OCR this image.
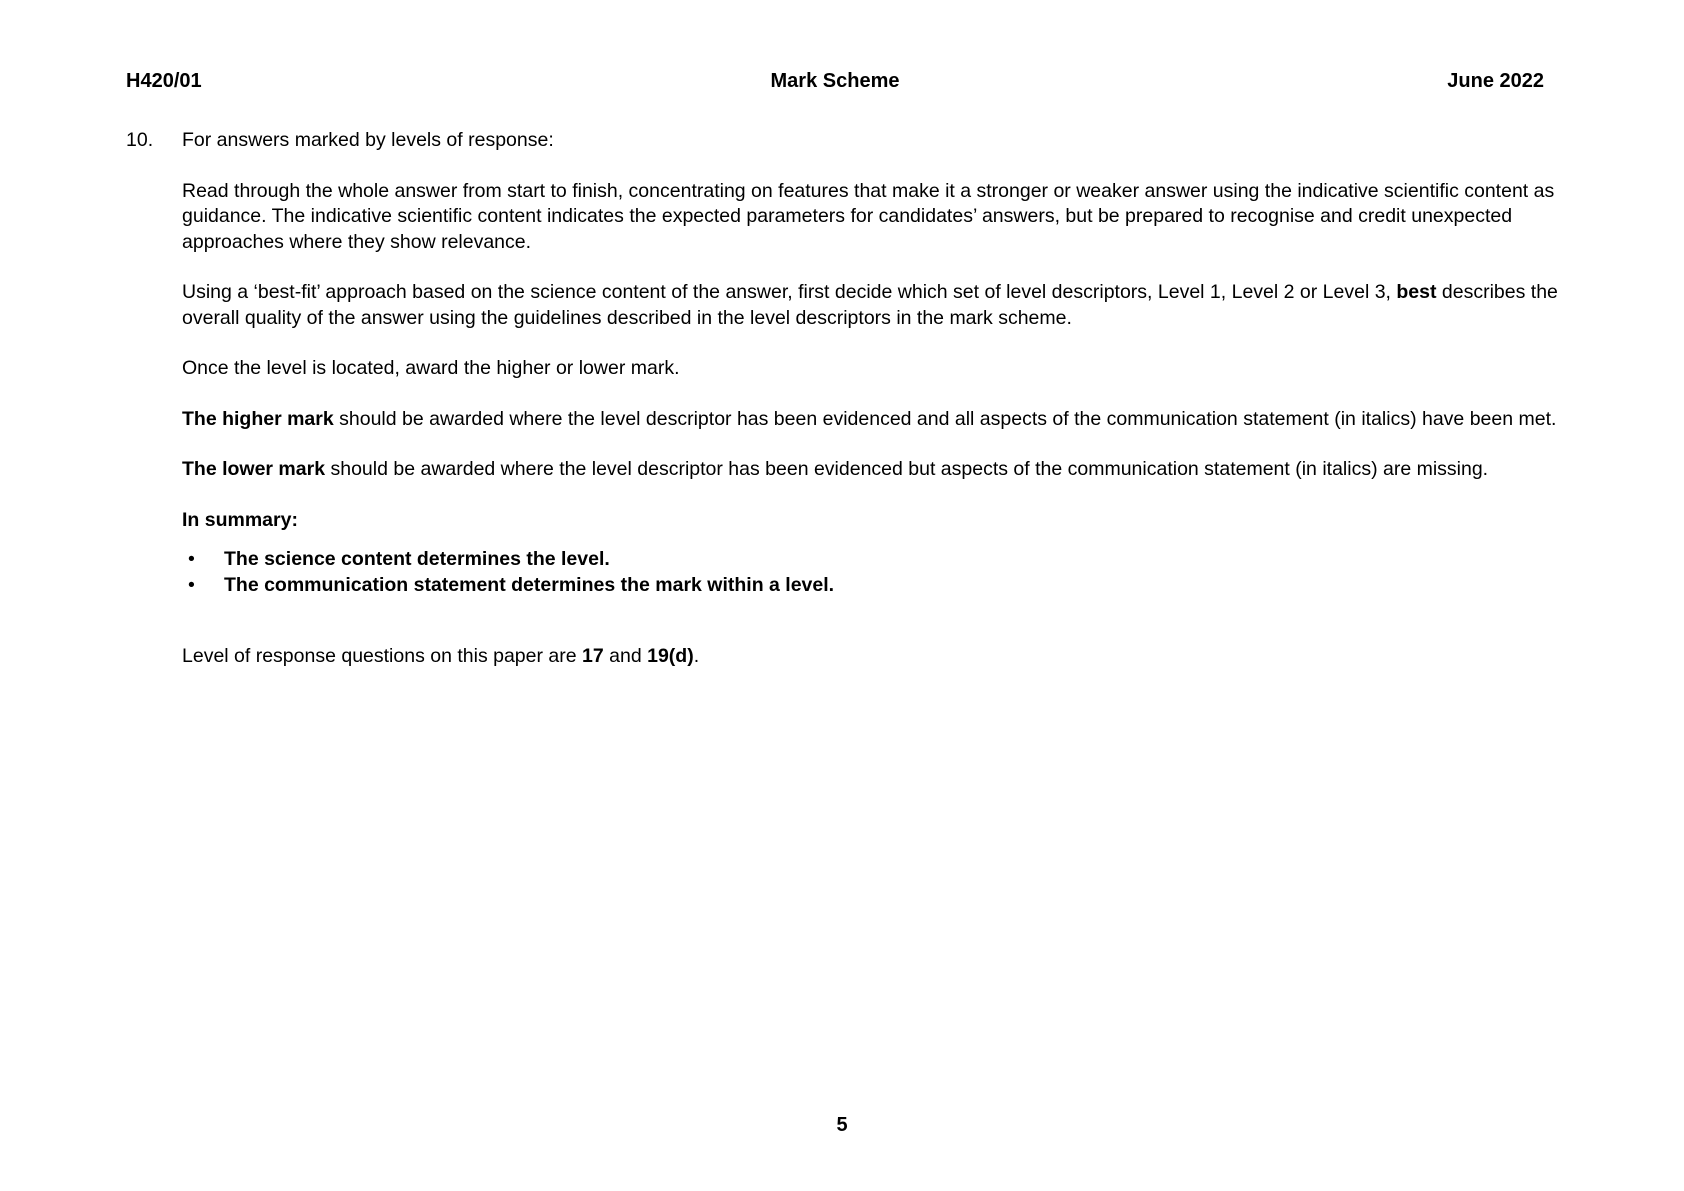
H420/01	Mark Scheme	June 2022
10. For answers marked by levels of response:

Read through the whole answer from start to finish, concentrating on features that make it a stronger or weaker answer using the indicative scientific content as guidance. The indicative scientific content indicates the expected parameters for candidates’ answers, but be prepared to recognise and credit unexpected approaches where they show relevance.

Using a ‘best-fit’ approach based on the science content of the answer, first decide which set of level descriptors, Level 1, Level 2 or Level 3, best describes the overall quality of the answer using the guidelines described in the level descriptors in the mark scheme.

Once the level is located, award the higher or lower mark.

The higher mark should be awarded where the level descriptor has been evidenced and all aspects of the communication statement (in italics) have been met.

The lower mark should be awarded where the level descriptor has been evidenced but aspects of the communication statement (in italics) are missing.

In summary:

• The science content determines the level.
• The communication statement determines the mark within a level.

Level of response questions on this paper are 17 and 19(d).

5
